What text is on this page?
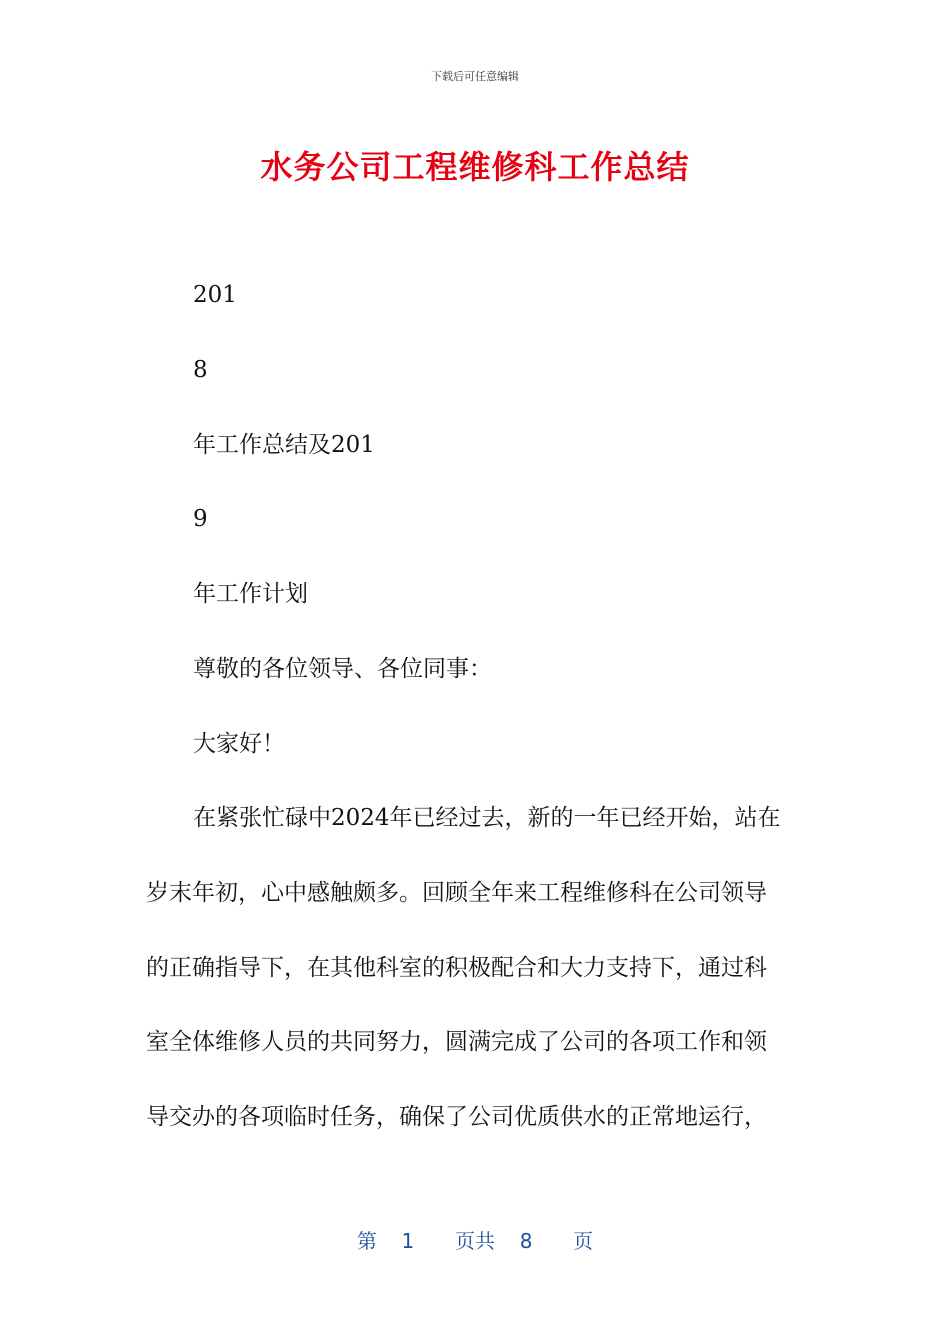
下载后可任意编辑
水务公司工程维修科工作总结
201
8
年工作总结及201
9
年工作计划
尊敬的各位领导、各位同事：
大家好！
在紧张忙碌中2024年已经过去，新的一年已经开始，站在
岁末年初，心中感触颇多。回顾全年来工程维修科在公司领导
的正确指导下，在其他科室的积极配合和大力支持下，通过科
室全体维修人员的共同努力，圆满完成了公司的各项工作和领
导交办的各项临时任务，确保了公司优质供水的正常地运行，
第 1 页共 8 页
